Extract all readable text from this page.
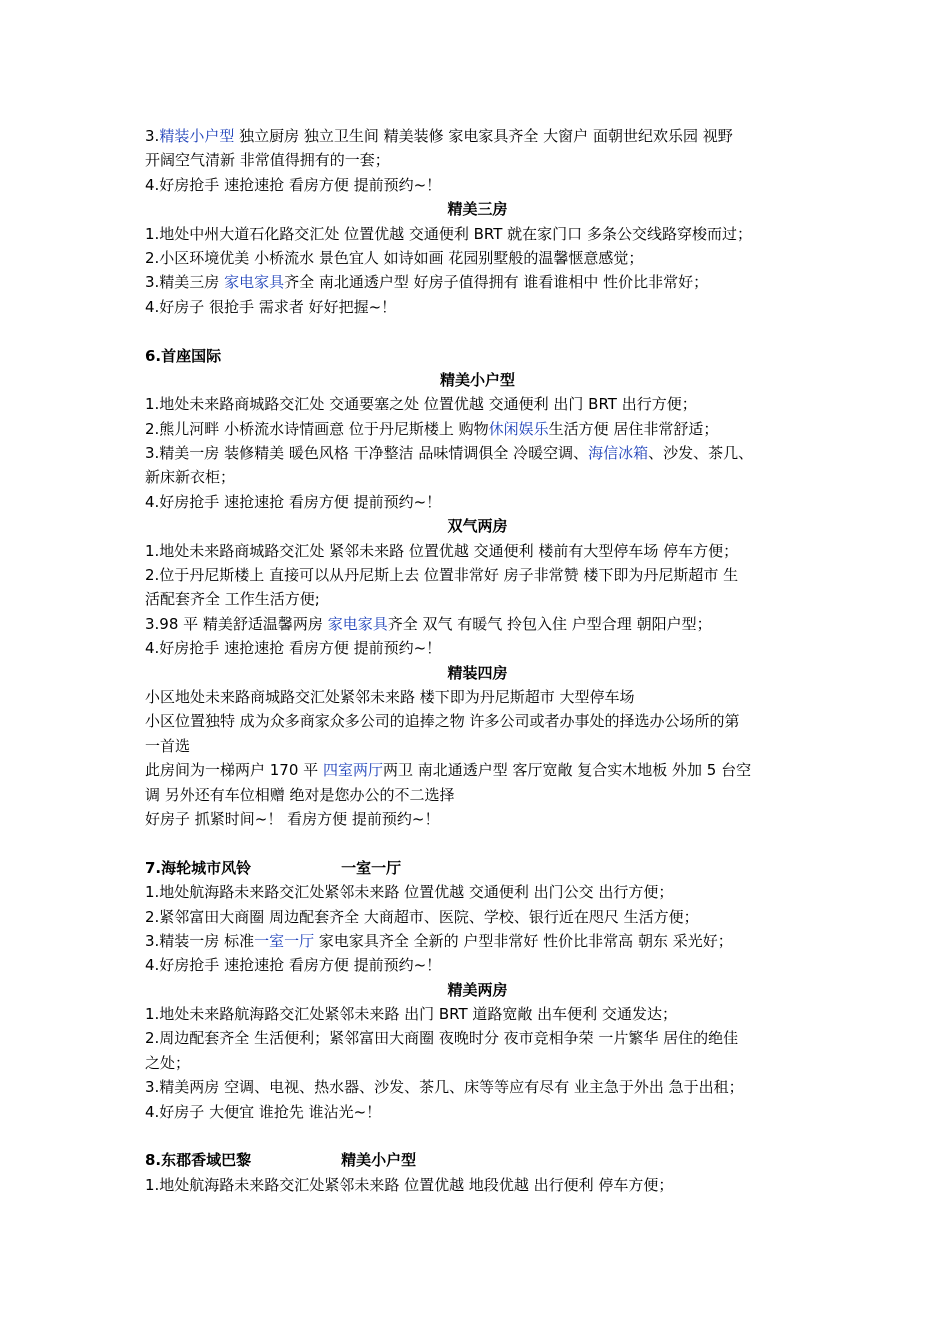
3.精装小户型 独立厨房 独立卫生间 精美装修 家电家具齐全 大窗户 面朝世纪欢乐园 视野
开阔空气清新 非常值得拥有的一套；
4.好房抢手 速抢速抢 看房方便 提前预约~！
精美三房
1.地处中州大道石化路交汇处 位置优越 交通便利 BRT 就在家门口 多条公交线路穿梭而过；
2.小区环境优美 小桥流水 景色宜人 如诗如画 花园别墅般的温馨惬意感觉；
3.精美三房 家电家具齐全 南北通透户型 好房子值得拥有 谁看谁相中 性价比非常好；
4.好房子 很抢手 需求者 好好把握~！
6.首座国际
精美小户型
1.地处未来路商城路交汇处 交通要塞之处 位置优越 交通便利 出门 BRT 出行方便；
2.熊儿河畔 小桥流水诗情画意 位于丹尼斯楼上 购物休闲娱乐生活方便 居住非常舒适；
3.精美一房 装修精美 暖色风格 干净整洁 品味情调俱全 冷暖空调、海信冰箱、沙发、茶几、
新床新衣柜；
4.好房抢手 速抢速抢 看房方便 提前预约~！
双气两房
1.地处未来路商城路交汇处 紧邻未来路 位置优越 交通便利 楼前有大型停车场 停车方便；
2.位于丹尼斯楼上 直接可以从丹尼斯上去 位置非常好 房子非常赞 楼下即为丹尼斯超市 生
活配套齐全 工作生活方便;
3.98 平 精美舒适温馨两房 家电家具齐全 双气 有暖气 拎包入住 户型合理 朝阳户型；
4.好房抢手 速抢速抢 看房方便 提前预约~！
精装四房
小区地处未来路商城路交汇处紧邻未来路 楼下即为丹尼斯超市 大型停车场
小区位置独特 成为众多商家众多公司的追捧之物 许多公司或者办事处的择选办公场所的第
一首选
此房间为一梯两户 170 平 四室两厅两卫 南北通透户型 客厅宽敞 复合实木地板 外加 5 台空
调 另外还有车位相赠 绝对是您办公的不二选择
好房子 抓紧时间~！ 看房方便 提前预约~！
7.海轮城市风铃	一室一厅
1.地处航海路未来路交汇处紧邻未来路 位置优越 交通便利 出门公交 出行方便；
2.紧邻富田大商圈 周边配套齐全 大商超市、医院、学校、银行近在咫尺 生活方便；
3.精装一房 标准一室一厅 家电家具齐全 全新的 户型非常好 性价比非常高 朝东 采光好；
4.好房抢手 速抢速抢 看房方便 提前预约~！
精美两房
1.地处未来路航海路交汇处紧邻未来路 出门 BRT 道路宽敞 出车便利 交通发达；
2.周边配套齐全 生活便利；紧邻富田大商圈 夜晚时分 夜市竞相争荣 一片繁华 居住的绝佳
之处；
3.精美两房 空调、电视、热水器、沙发、茶几、床等等应有尽有 业主急于外出 急于出租；
4.好房子 大便宜 谁抢先 谁沾光~！
8.东郡香域巴黎	精美小户型
1.地处航海路未来路交汇处紧邻未来路 位置优越 地段优越 出行便利 停车方便；
